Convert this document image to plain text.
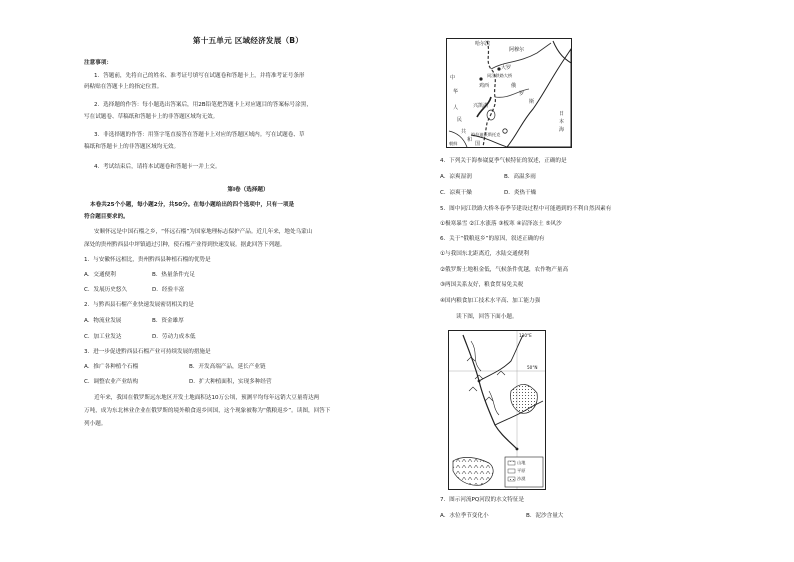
第十五单元 区域经济发展（B）
注意事项：
1．答题前，先将自己的姓名、准考证号填写在试题卷和答题卡上，并将准考证号条形
码粘贴在答题卡上的指定位置。
2．选择题的作答：每小题选出答案后，用2B铅笔把答题卡上对应题目的答案标号涂黑，
写在试题卷、草稿纸和答题卡上的非答题区域均无效。
3．非选择题的作答：用签字笔直接答在答题卡上对应的答题区域内。写在试题卷、草
稿纸和答题卡上的非答题区域均无效。
4．考试结束后，请将本试题卷和答题卡一并上交。
第Ⅰ卷（选择题）
本卷共25个小题，每小题2分，共50分。在每小题给出的四个选项中，只有一项是
符合题目要求的。
安顺怀远是中国石榴之乡，“怀远石榴”为国家地理标志保护产品。近几年来，地处乌蒙山
深处的贵州黔西县中坪镇通过引种，使石榴产业得到快速发展。据此回答下列题。
1．与安徽怀远相比，贵州黔西县种植石榴的优势是
A．交通便利	B．热量条件充足
C．发展历史悠久	D．经验丰富
2．与黔西县石榴产业快速发展密切相关的是
A．物流业发展	B．资金雄厚
C．加工业发达	D．劳动力成本低
3．进一步促进黔西县石榴产业可持续发展的措施是
A．推广各种植个石榴	B．开发高端产品，延长产业链
C．调整农业产业结构	D．扩大种植面积，实现多种经营
近年来，我国在俄罗斯远东地区开发土地面积达10万公顷，预测平均每年远销大豆量将达两
万吨，成为东北林业企业在俄罗斯的境外粮食返乡回国，这个现象被称为“俄粮返乡”。读图，回答下
列小题。
中
华
人
民
共
和
国
俄
罗
斯
日
本
海
哈尔滨
阿穆尔
大罗
鸡西
同江铁路大桥
符拉迪沃斯托克
兴凯湖
朝鲜
4．下列关于海参崴夏季气候特征的叙述，正确的是
A．凉爽湿润	B．高温多雨
C．凉爽干燥	D．炎热干燥
5．图中同江铁路大桥冬春季节建设过程中可能遇到的不利自然因素有
①极寒暴雪 ②江水涨落 ③板寒 ④沼泽冻土 ⑤风沙
6．关于“俄粮返乡”的原因，叙述正确的有
①与我国东北距离近，水陆交通便利
②俄罗斯土地租金低，气候条件优越，农作物产量高
③两国关系友好，粮食贸易免关税
④国内粮食加工技术水平高、加工能力强
读下图，回答下面小题。
130°E
50°N
山地
平原
沙漠
7．图示河流PQ河段的水文特征是
A．水位季节变化小	B．泥沙含量大
